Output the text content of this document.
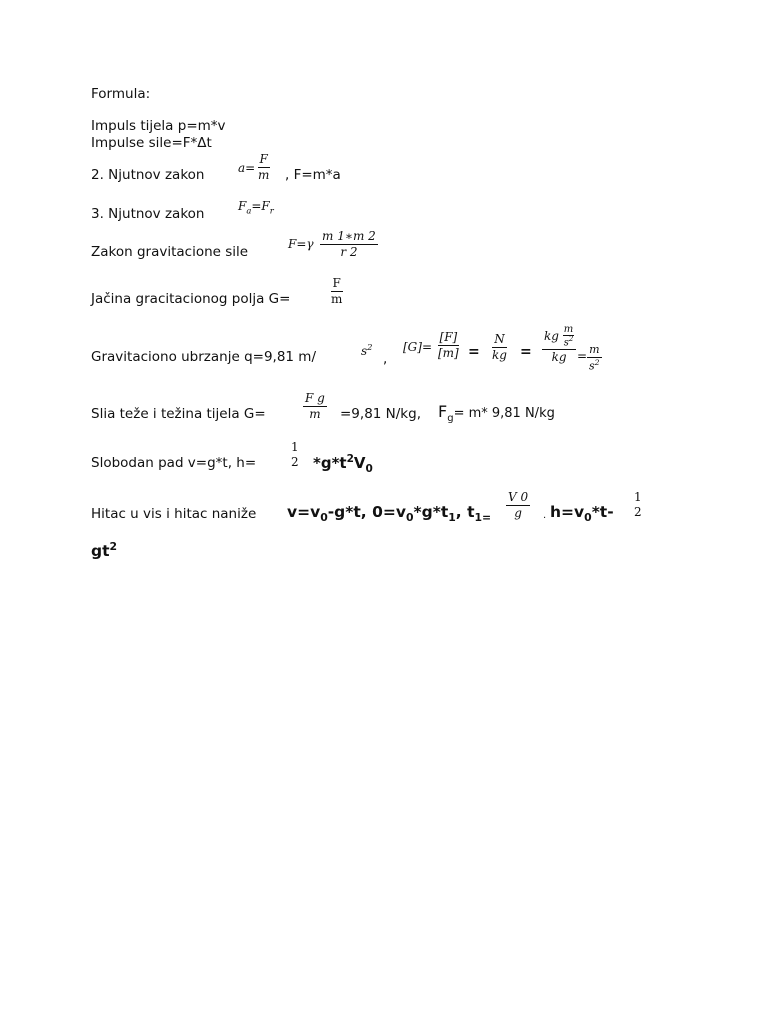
Formula:
Impuls tijela p=m*v
Impulse sile=F*Δt
2. Njutnov zakon	$a= \frac{F}{m}$ , F=m*a
3. Njutnov zakon	$F_a=F_r$
Zakon gravitacione sile	$F=\gamma \frac{m 1∗m 2}{r 2}$
Jačina gracitacionog polja G=	$\frac{F}{m}$
Gravitaciono ubrzanje q=9,81 m/	$s^2$
,
$[G]= \frac{[F]}{[m]} = \frac{N}{kg} = \frac{kg \frac{m}{s^2}}{kg} = \frac{m}{s^2}$
Slia teže i težina tijela G=	$\frac{\text{F g}}{m} =9,81$ N/kg, $F_g= m*$ 9,81 N/kg
Slobodan pad v=g*t, h=
1
2 $*g*t^2V_0$
Hitac u vis i hitac naniže $v=v_0-g*t$, $0=v_0*g*t_1$, $t_{1=} \frac{V 0}{g}$ . $h=v_0*t-$
1
2
$gt^2$
